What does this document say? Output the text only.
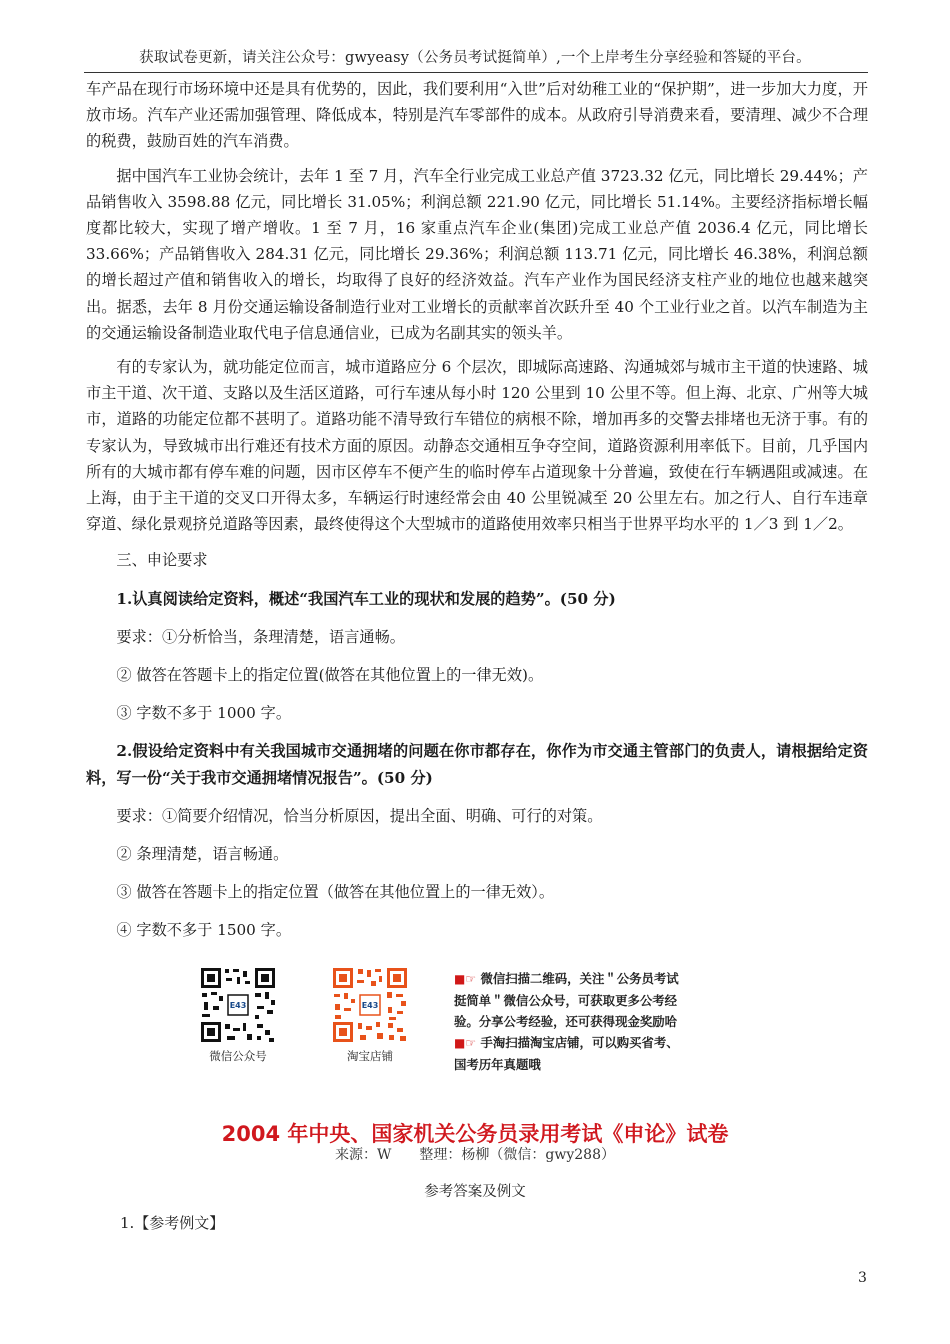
获取试卷更新，请关注公众号：gwyeasy（公务员考试挺简单）,一个上岸考生分享经验和答疑的平台。

车产品在现行市场环境中还是具有优势的，因此，我们要利用“入世”后对幼稚工业的“保护期”，进一步加大力度，开放市场。汽车产业还需加强管理、降低成本，特别是汽车零部件的成本。从政府引导消费来看，要清理、减少不合理的税费，鼓励百姓的汽车消费。

据中国汽车工业协会统计，去年 1 至 7 月，汽车全行业完成工业总产值 3723.32 亿元，同比增长 29.44%；产品销售收入 3598.88 亿元，同比增长 31.05%；利润总额 221.90 亿元，同比增长 51.14%。主要经济指标增长幅度都比较大，实现了增产增收。1 至 7 月，16 家重点汽车企业(集团)完成工业总产值 2036.4 亿元，同比增长 33.66%；产品销售收入 284.31 亿元，同比增长 29.36%；利润总额 113.71 亿元，同比增长 46.38%，利润总额的增长超过产值和销售收入的增长，均取得了良好的经济效益。汽车产业作为国民经济支柱产业的地位也越来越突出。据悉，去年 8 月份交通运输设备制造行业对工业增长的贡献率首次跃升至 40 个工业行业之首。以汽车制造为主的交通运输设备制造业取代电子信息通信业，已成为名副其实的领头羊。

有的专家认为，就功能定位而言，城市道路应分 6 个层次，即城际高速路、沟通城郊与城市主干道的快速路、城市主干道、次干道、支路以及生活区道路，可行车速从每小时 120 公里到 10 公里不等。但上海、北京、广州等大城市，道路的功能定位都不甚明了。道路功能不清导致行车错位的病根不除，增加再多的交警去排堵也无济于事。有的专家认为，导致城市出行难还有技术方面的原因。动静态交通相互争夺空间，道路资源利用率低下。目前，几乎国内所有的大城市都有停车难的问题，因市区停车不便产生的临时停车占道现象十分普遍，致使在行车辆遇阻或减速。在上海，由于主干道的交叉口开得太多，车辆运行时速经常会由 40 公里锐减至 20 公里左右。加之行人、自行车违章穿道、绿化景观挤兑道路等因素，最终使得这个大型城市的道路使用效率只相当于世界平均水平的 1／3 到 1／2。

三、申论要求

1.认真阅读给定资料，概述“我国汽车工业的现状和发展的趋势”。(50 分)

要求：①分析恰当，条理清楚，语言通畅。

② 做答在答题卡上的指定位置(做答在其他位置上的一律无效)。

③ 字数不多于 1000 字。

2.假设给定资料中有关我国城市交通拥堵的问题在你市都存在，你作为市交通主管部门的负责人，请根据给定资料，写一份“关于我市交通拥堵情况报告”。(50 分)

要求：①简要介绍情况，恰当分析原因，提出全面、明确、可行的对策。

② 条理清楚，语言畅通。

③ 做答在答题卡上的指定位置（做答在其他位置上的一律无效）。

④ 字数不多于 1500 字。

E43
微信公众号
E43
淘宝店铺

■☞ 微信扫描二维码，关注＂公务员考试

挺简单＂微信公众号，可获取更多公考经

验。分享公考经验，还可获得现金奖励哈

■☞ 手淘扫描淘宝店铺，可以购买省考、

国考历年真题哦

2004 年中央、国家机关公务员录用考试《申论》试卷
来源：W　　整理：杨柳（微信：gwy288）
参考答案及例文
1.【参考例文】
3
